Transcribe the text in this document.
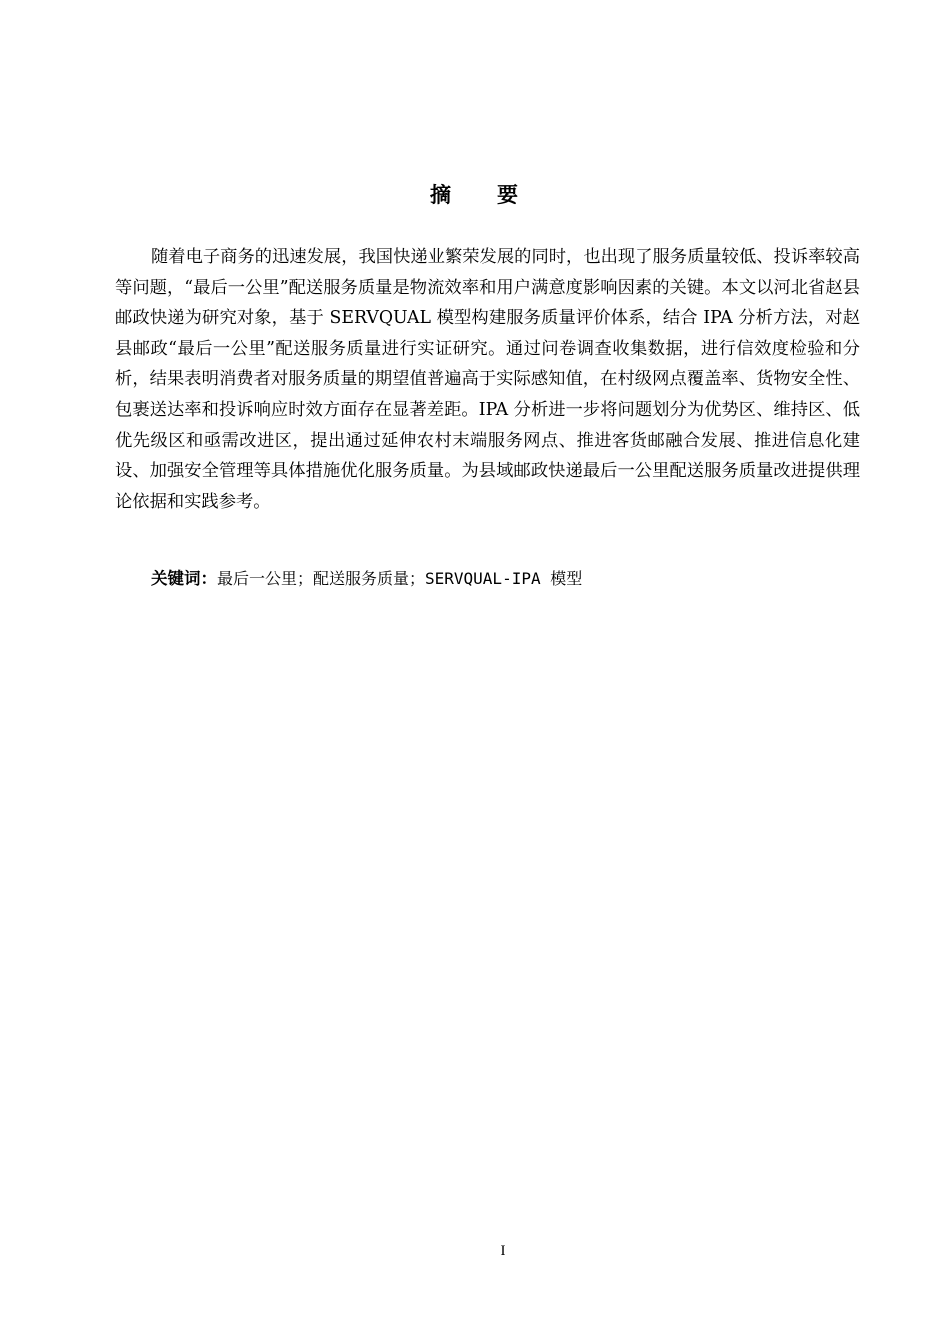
摘 要

随着电子商务的迅速发展，我国快递业繁荣发展的同时，也出现了服务质量较低、投诉率较高等问题，“最后一公里”配送服务质量是物流效率和用户满意度影响因素的关键。本文以河北省赵县邮政快递为研究对象，基于 SERVQUAL 模型构建服务质量评价体系，结合 IPA 分析方法，对赵县邮政“最后一公里”配送服务质量进行实证研究。通过问卷调查收集数据，进行信效度检验和分析，结果表明消费者对服务质量的期望值普遍高于实际感知值，在村级网点覆盖率、货物安全性、包裹送达率和投诉响应时效方面存在显著差距。IPA 分析进一步将问题划分为优势区、维持区、低优先级区和亟需改进区，提出通过延伸农村末端服务网点、推进客货邮融合发展、推进信息化建设、加强安全管理等具体措施优化服务质量。为县域邮政快递最后一公里配送服务质量改进提供理论依据和实践参考。

关键词：最后一公里；配送服务质量；SERVQUAL-IPA 模型

I
